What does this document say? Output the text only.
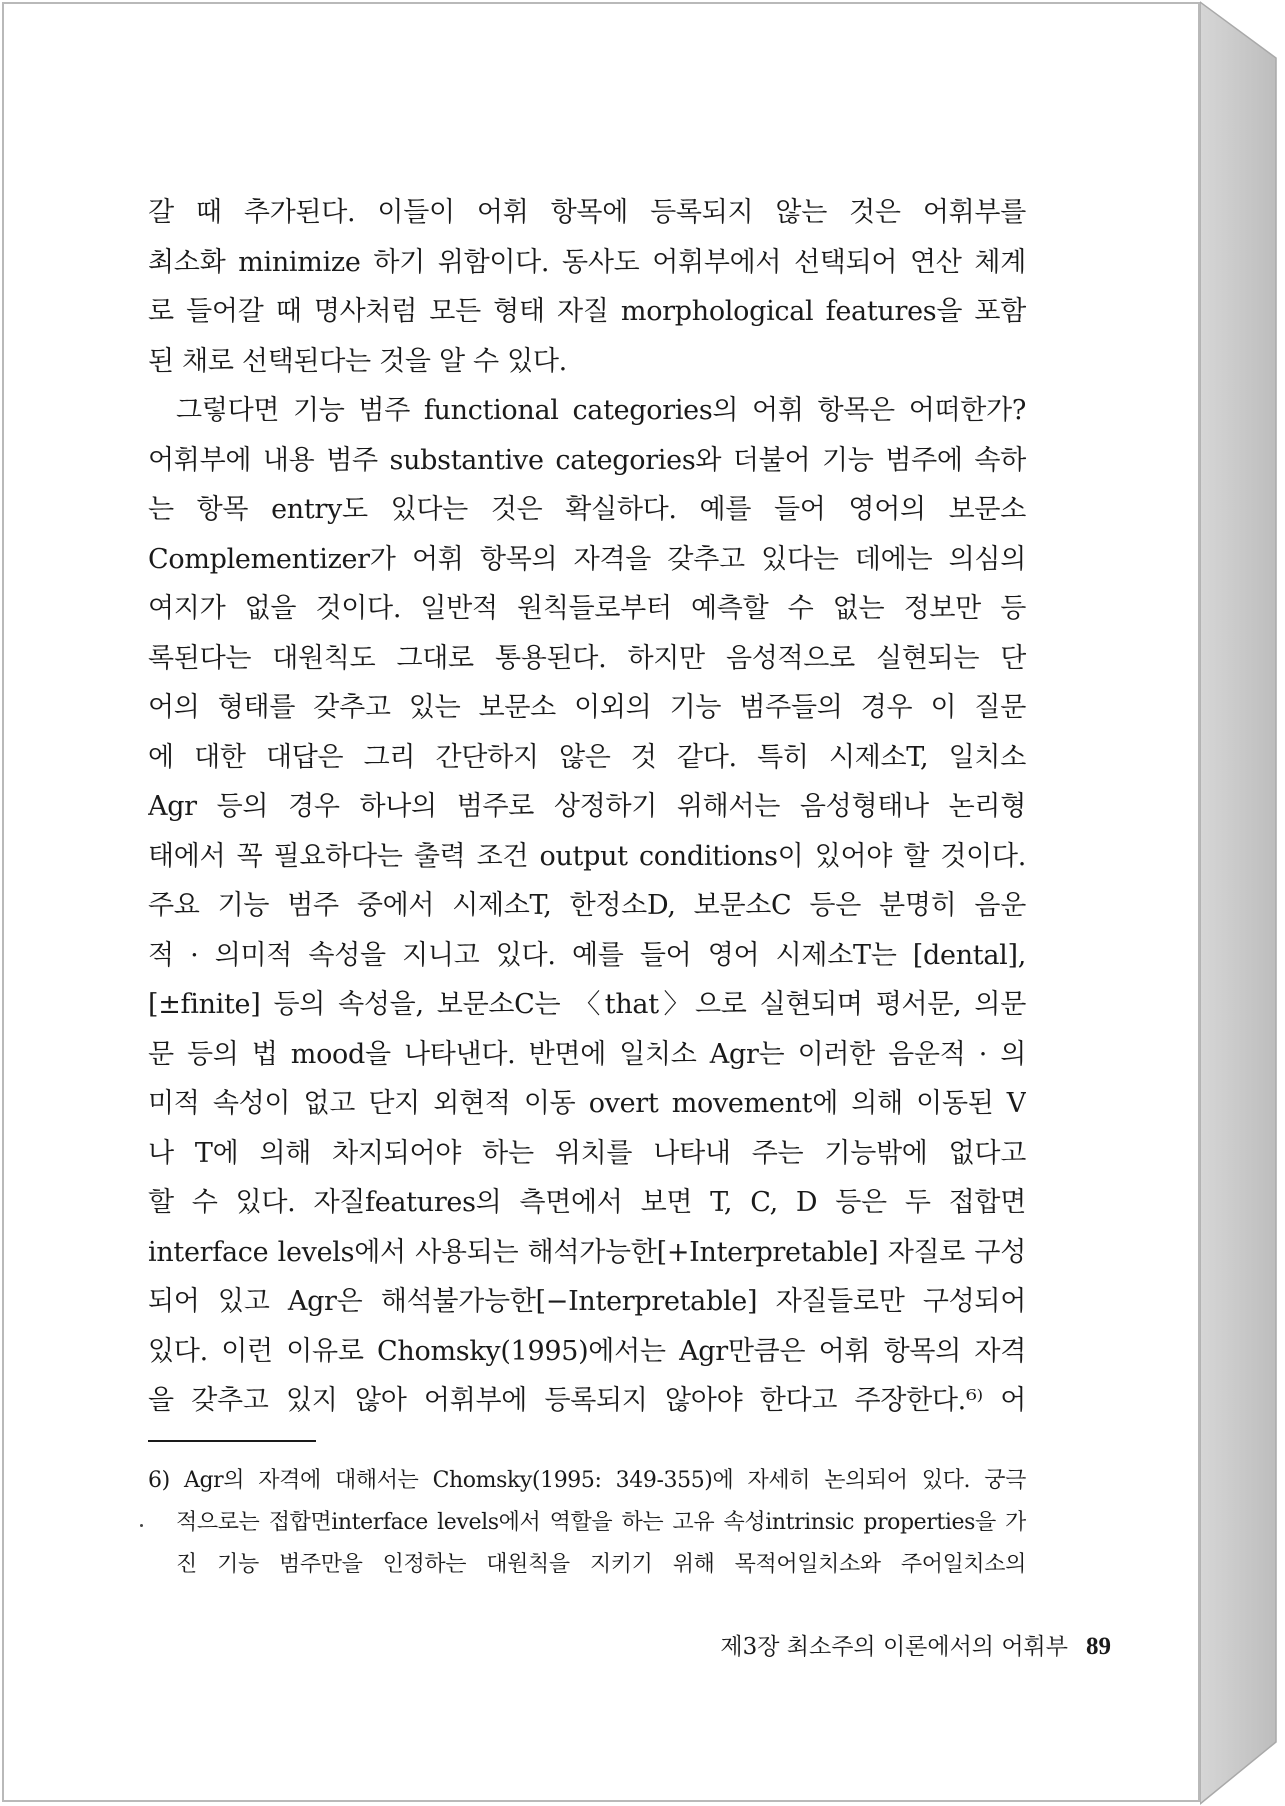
갈 때 추가된다. 이들이 어휘 항목에 등록되지 않는 것은 어휘부를
최소화 minimize 하기 위함이다. 동사도 어휘부에서 선택되어 연산 체계
로 들어갈 때 명사처럼 모든 형태 자질 morphological features을 포함
된 채로 선택된다는 것을 알 수 있다.
그렇다면 기능 범주 functional categories의 어휘 항목은 어떠한가?
어휘부에 내용 범주 substantive categories와 더불어 기능 범주에 속하
는 항목 entry도 있다는 것은 확실하다. 예를 들어 영어의 보문소
Complementizer가 어휘 항목의 자격을 갖추고 있다는 데에는 의심의
여지가 없을 것이다. 일반적 원칙들로부터 예측할 수 없는 정보만 등
록된다는 대원칙도 그대로 통용된다. 하지만 음성적으로 실현되는 단
어의 형태를 갖추고 있는 보문소 이외의 기능 범주들의 경우 이 질문
에 대한 대답은 그리 간단하지 않은 것 같다. 특히 시제소T, 일치소
Agr 등의 경우 하나의 범주로 상정하기 위해서는 음성형태나 논리형
태에서 꼭 필요하다는 출력 조건 output conditions이 있어야 할 것이다.
주요 기능 범주 중에서 시제소T, 한정소D, 보문소C 등은 분명히 음운
적 · 의미적 속성을 지니고 있다. 예를 들어 영어 시제소T는 [dental],
[±finite] 등의 속성을, 보문소C는 〈that〉으로 실현되며 평서문, 의문
문 등의 법 mood을 나타낸다. 반면에 일치소 Agr는 이러한 음운적 · 의
미적 속성이 없고 단지 외현적 이동 overt movement에 의해 이동된 V
나 T에 의해 차지되어야 하는 위치를 나타내 주는 기능밖에 없다고
할 수 있다. 자질features의 측면에서 보면 T, C, D 등은 두 접합면
interface levels에서 사용되는 해석가능한[+Interpretable] 자질로 구성
되어 있고 Agr은 해석불가능한[−Interpretable] 자질들로만 구성되어
있다. 이런 이유로 Chomsky(1995)에서는 Agr만큼은 어휘 항목의 자격
을 갖추고 있지 않아 어휘부에 등록되지 않아야 한다고 주장한다.⁶⁾ 어
6) Agr의 자격에 대해서는 Chomsky(1995: 349-355)에 자세히 논의되어 있다. 궁극
적으로는 접합면interface levels에서 역할을 하는 고유 속성intrinsic properties을 가
진 기능 범주만을 인정하는 대원칙을 지키기 위해 목적어일치소와 주어일치소의
제3장 최소주의 이론에서의 어휘부 89
